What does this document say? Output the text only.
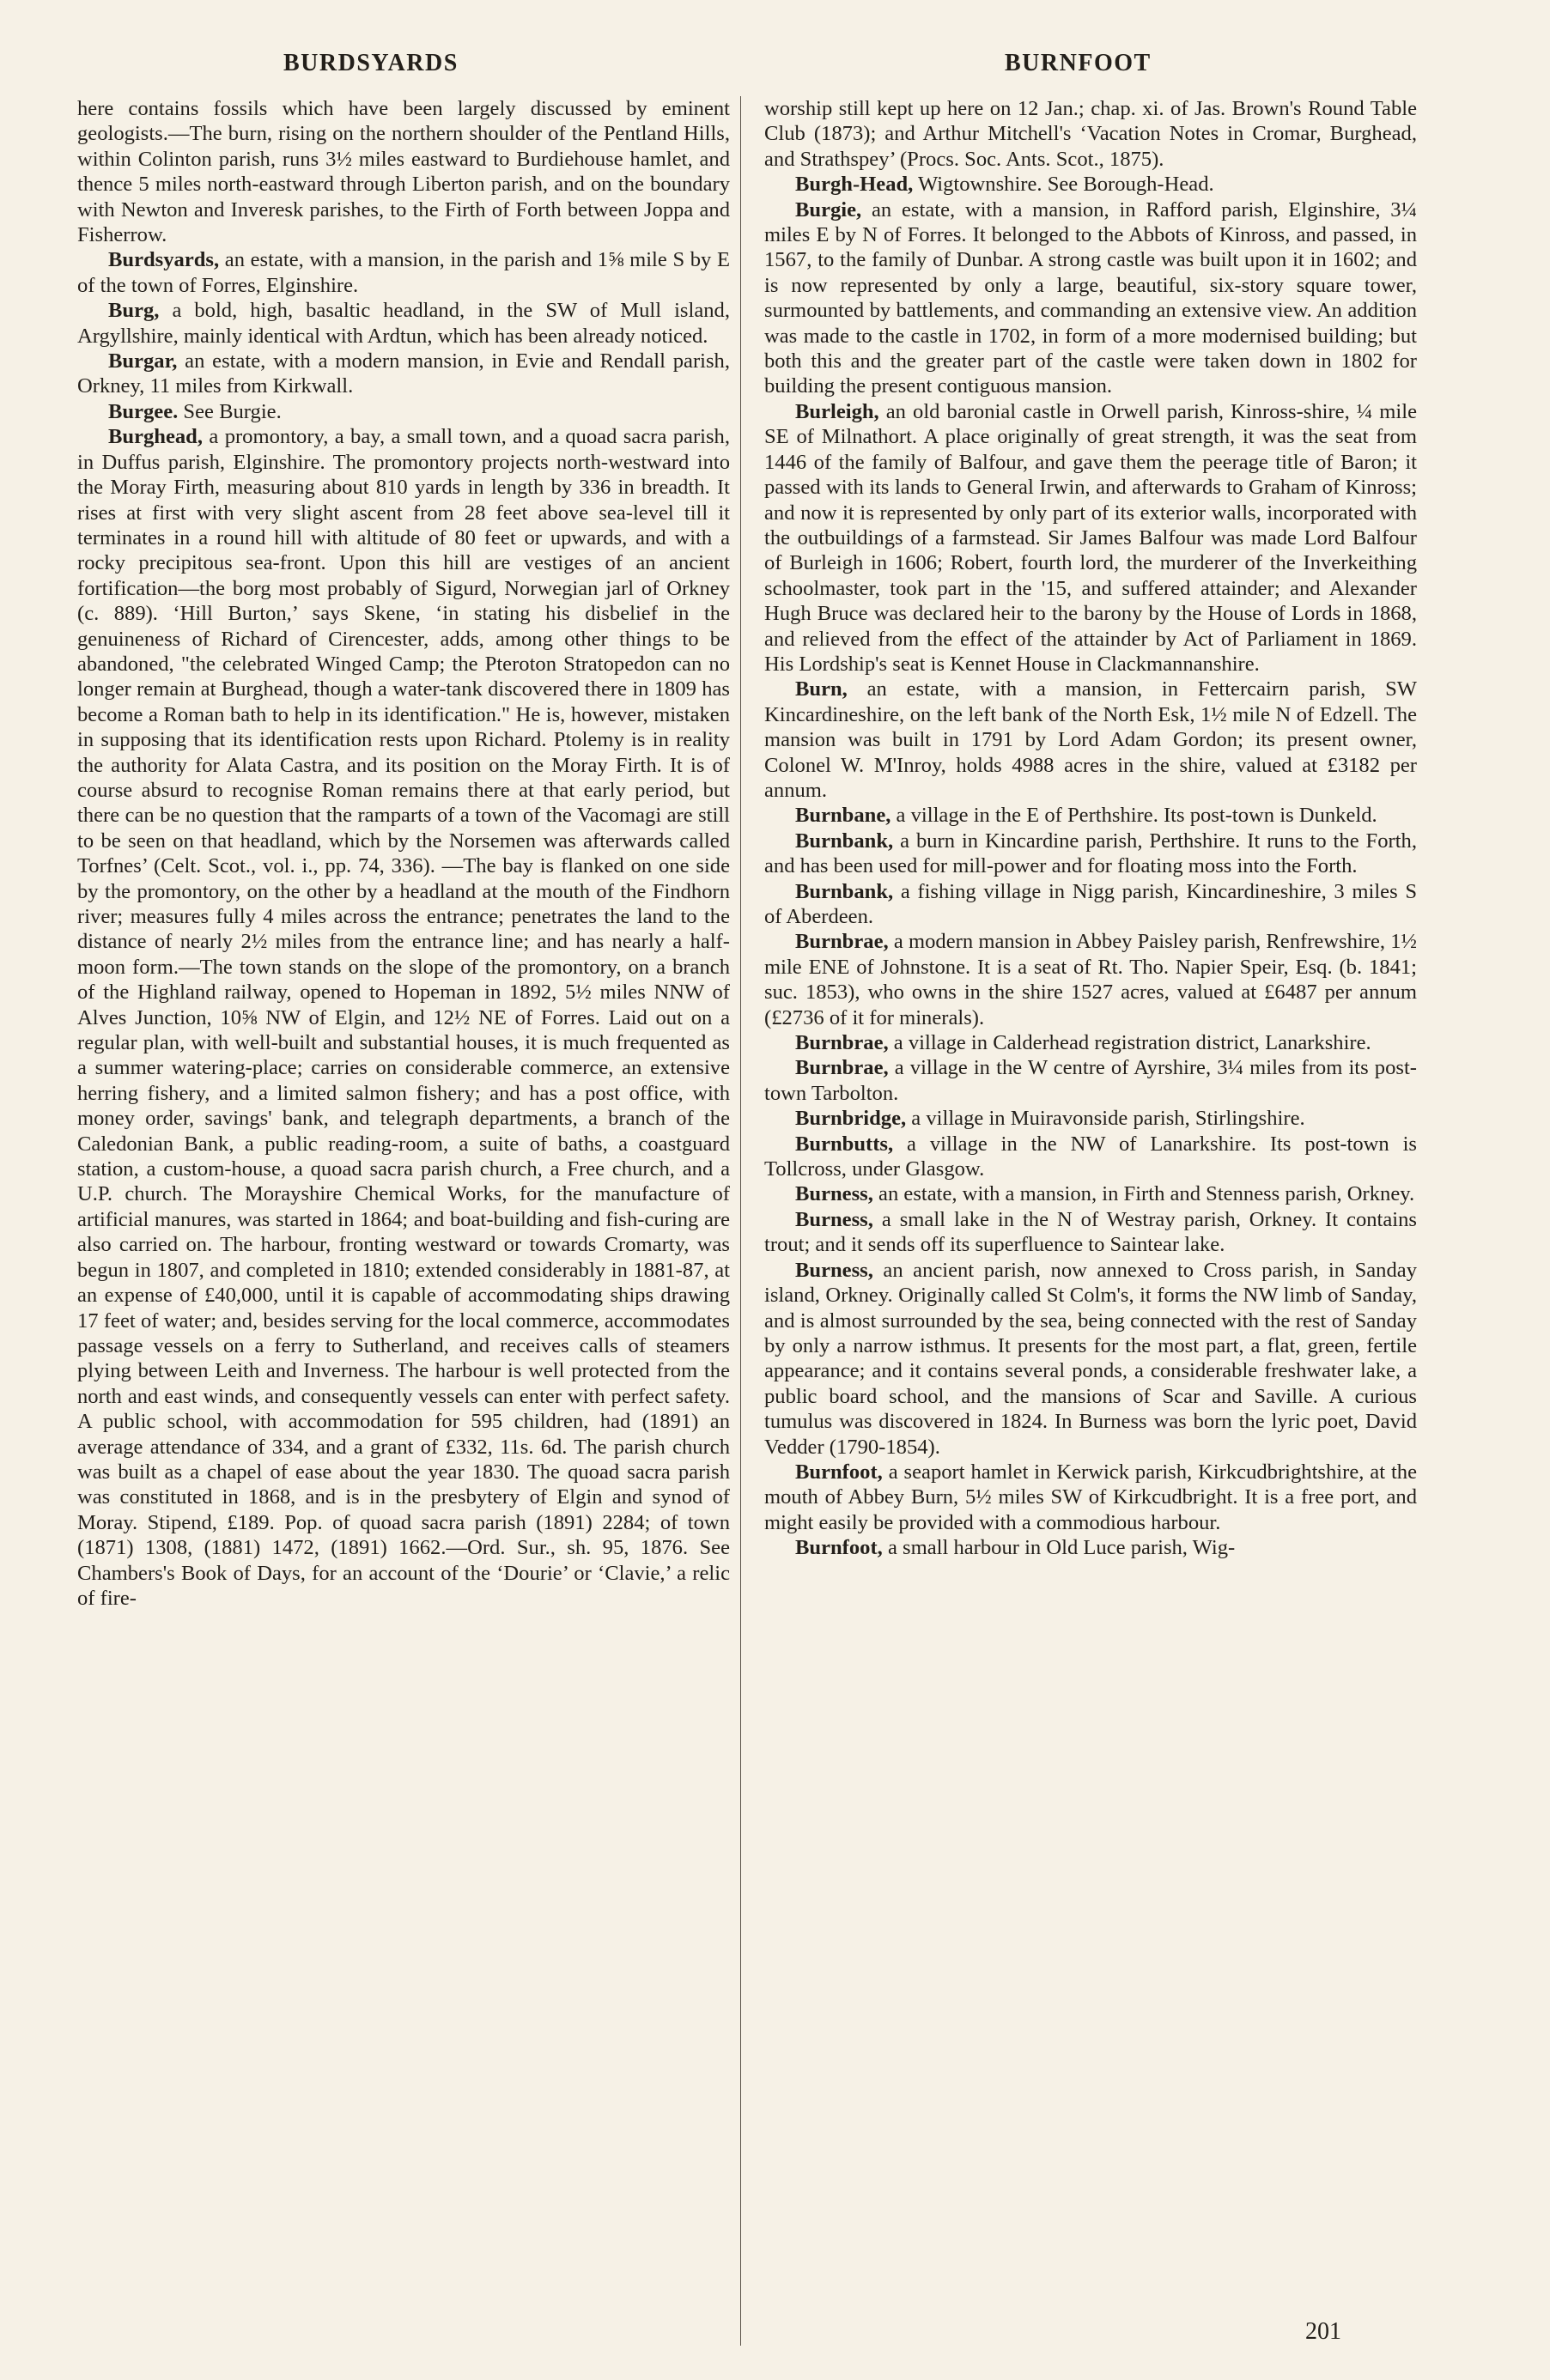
BURDSYARDS	BURNFOOT

here contains fossils which have been largely discussed by eminent geologists.—The burn, rising on the northern shoulder of the Pentland Hills, within Colinton parish, runs 3½ miles eastward to Burdiehouse hamlet, and thence 5 miles north-eastward through Liberton parish, and on the boundary with Newton and Inveresk parishes, to the Firth of Forth between Joppa and Fisherrow.

Burdsyards, an estate, with a mansion, in the parish and 1⅝ mile S by E of the town of Forres, Elginshire.

Burg, a bold, high, basaltic headland, in the SW of Mull island, Argyllshire, mainly identical with Ardtun, which has been already noticed.

Burgar, an estate, with a modern mansion, in Evie and Rendall parish, Orkney, 11 miles from Kirkwall.

Burgee. See Burgie.

Burghead, a promontory, a bay, a small town, and a quoad sacra parish, in Duffus parish, Elginshire. The promontory projects north-westward into the Moray Firth, measuring about 810 yards in length by 336 in breadth. It rises at first with very slight ascent from 28 feet above sea-level till it terminates in a round hill with altitude of 80 feet or upwards, and with a rocky precipitous sea-front. Upon this hill are vestiges of an ancient fortification—the borg most probably of Sigurd, Norwegian jarl of Orkney (c. 889). ‘Hill Burton,’ says Skene, ‘in stating his disbelief in the genuineness of Richard of Cirencester, adds, among other things to be abandoned, "the celebrated Winged Camp; the Pteroton Stratopedon can no longer remain at Burghead, though a water-tank discovered there in 1809 has become a Roman bath to help in its identification." He is, however, mistaken in supposing that its identification rests upon Richard. Ptolemy is in reality the authority for Alata Castra, and its position on the Moray Firth. It is of course absurd to recognise Roman remains there at that early period, but there can be no question that the ramparts of a town of the Vacomagi are still to be seen on that headland, which by the Norsemen was afterwards called Torfnes’ (Celt. Scot., vol. i., pp. 74, 336). —The bay is flanked on one side by the promontory, on the other by a headland at the mouth of the Findhorn river; measures fully 4 miles across the entrance; penetrates the land to the distance of nearly 2½ miles from the entrance line; and has nearly a half-moon form.—The town stands on the slope of the promontory, on a branch of the Highland railway, opened to Hopeman in 1892, 5½ miles NNW of Alves Junction, 10⅝ NW of Elgin, and 12½ NE of Forres. Laid out on a regular plan, with well-built and substantial houses, it is much frequented as a summer watering-place; carries on considerable commerce, an extensive herring fishery, and a limited salmon fishery; and has a post office, with money order, savings' bank, and telegraph departments, a branch of the Caledonian Bank, a public reading-room, a suite of baths, a coastguard station, a custom-house, a quoad sacra parish church, a Free church, and a U.P. church. The Morayshire Chemical Works, for the manufacture of artificial manures, was started in 1864; and boat-building and fish-curing are also carried on. The harbour, fronting westward or towards Cromarty, was begun in 1807, and completed in 1810; extended considerably in 1881-87, at an expense of £40,000, until it is capable of accommodating ships drawing 17 feet of water; and, besides serving for the local commerce, accommodates passage vessels on a ferry to Sutherland, and receives calls of steamers plying between Leith and Inverness. The harbour is well protected from the north and east winds, and consequently vessels can enter with perfect safety. A public school, with accommodation for 595 children, had (1891) an average attendance of 334, and a grant of £332, 11s. 6d. The parish church was built as a chapel of ease about the year 1830. The quoad sacra parish was constituted in 1868, and is in the presbytery of Elgin and synod of Moray. Stipend, £189. Pop. of quoad sacra parish (1891) 2284; of town (1871) 1308, (1881) 1472, (1891) 1662.—Ord. Sur., sh. 95, 1876. See Chambers's Book of Days, for an account of the ‘Dourie’ or ‘Clavie,’ a relic of fire-

worship still kept up here on 12 Jan.; chap. xi. of Jas. Brown's Round Table Club (1873); and Arthur Mitchell's ‘Vacation Notes in Cromar, Burghead, and Strathspey’ (Procs. Soc. Ants. Scot., 1875).

Burgh-Head, Wigtownshire. See Borough-Head.

Burgie, an estate, with a mansion, in Rafford parish, Elginshire, 3¼ miles E by N of Forres. It belonged to the Abbots of Kinross, and passed, in 1567, to the family of Dunbar. A strong castle was built upon it in 1602; and is now represented by only a large, beautiful, six-story square tower, surmounted by battlements, and commanding an extensive view. An addition was made to the castle in 1702, in form of a more modernised building; but both this and the greater part of the castle were taken down in 1802 for building the present contiguous mansion.

Burleigh, an old baronial castle in Orwell parish, Kinross-shire, ¼ mile SE of Milnathort. A place originally of great strength, it was the seat from 1446 of the family of Balfour, and gave them the peerage title of Baron; it passed with its lands to General Irwin, and afterwards to Graham of Kinross; and now it is represented by only part of its exterior walls, incorporated with the outbuildings of a farmstead. Sir James Balfour was made Lord Balfour of Burleigh in 1606; Robert, fourth lord, the murderer of the Inverkeithing schoolmaster, took part in the '15, and suffered attainder; and Alexander Hugh Bruce was declared heir to the barony by the House of Lords in 1868, and relieved from the effect of the attainder by Act of Parliament in 1869. His Lordship's seat is Kennet House in Clackmannanshire.

Burn, an estate, with a mansion, in Fettercairn parish, SW Kincardineshire, on the left bank of the North Esk, 1½ mile N of Edzell. The mansion was built in 1791 by Lord Adam Gordon; its present owner, Colonel W. M'Inroy, holds 4988 acres in the shire, valued at £3182 per annum.

Burnbane, a village in the E of Perthshire. Its post-town is Dunkeld.

Burnbank, a burn in Kincardine parish, Perthshire. It runs to the Forth, and has been used for mill-power and for floating moss into the Forth.

Burnbank, a fishing village in Nigg parish, Kincardineshire, 3 miles S of Aberdeen.

Burnbrae, a modern mansion in Abbey Paisley parish, Renfrewshire, 1½ mile ENE of Johnstone. It is a seat of Rt. Tho. Napier Speir, Esq. (b. 1841; suc. 1853), who owns in the shire 1527 acres, valued at £6487 per annum (£2736 of it for minerals).

Burnbrae, a village in Calderhead registration district, Lanarkshire.

Burnbrae, a village in the W centre of Ayrshire, 3¼ miles from its post-town Tarbolton.

Burnbridge, a village in Muiravonside parish, Stirlingshire.

Burnbutts, a village in the NW of Lanarkshire. Its post-town is Tollcross, under Glasgow.

Burness, an estate, with a mansion, in Firth and Stenness parish, Orkney.

Burness, a small lake in the N of Westray parish, Orkney. It contains trout; and it sends off its superfluence to Saintear lake.

Burness, an ancient parish, now annexed to Cross parish, in Sanday island, Orkney. Originally called St Colm's, it forms the NW limb of Sanday, and is almost surrounded by the sea, being connected with the rest of Sanday by only a narrow isthmus. It presents for the most part, a flat, green, fertile appearance; and it contains several ponds, a considerable freshwater lake, a public board school, and the mansions of Scar and Saville. A curious tumulus was discovered in 1824. In Burness was born the lyric poet, David Vedder (1790-1854).

Burnfoot, a seaport hamlet in Kerwick parish, Kirkcudbrightshire, at the mouth of Abbey Burn, 5½ miles SW of Kirkcudbright. It is a free port, and might easily be provided with a commodious harbour.

Burnfoot, a small harbour in Old Luce parish, Wig-

201
